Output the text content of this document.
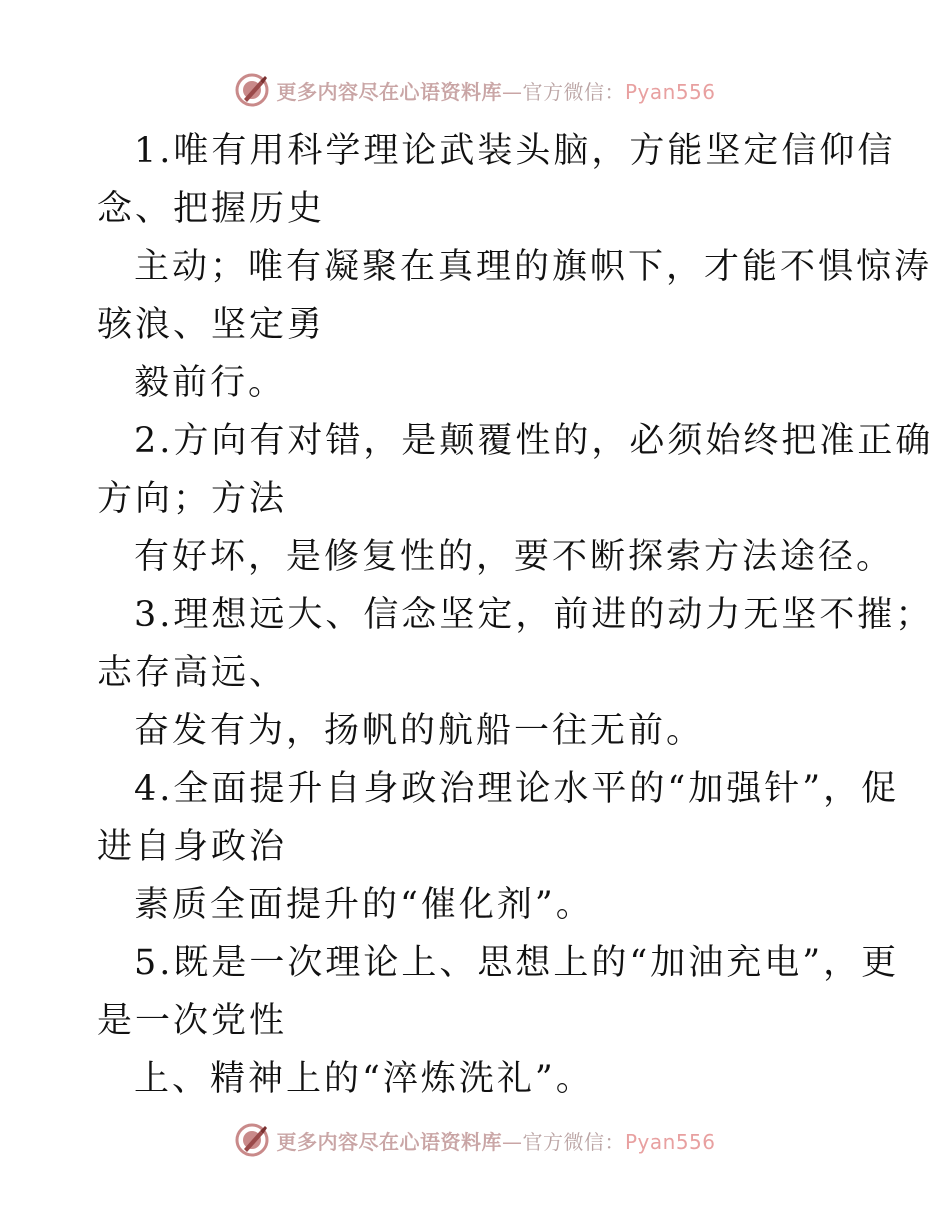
更多内容尽在心语资料库—官方微信：Pyan556
1.唯有用科学理论武装头脑，方能坚定信仰信
念、把握历史
主动；唯有凝聚在真理的旗帜下，才能不惧惊涛
骇浪、坚定勇
毅前行。
2.方向有对错，是颠覆性的，必须始终把准正确
方向；方法
有好坏，是修复性的，要不断探索方法途径。
3.理想远大、信念坚定，前进的动力无坚不摧；
志存高远、
奋发有为，扬帆的航船一往无前。
4.全面提升自身政治理论水平的“加强针”，促
进自身政治
素质全面提升的“催化剂”。
5.既是一次理论上、思想上的“加油充电”，更
是一次党性
上、精神上的“淬炼洗礼”。
更多内容尽在心语资料库—官方微信：Pyan556
